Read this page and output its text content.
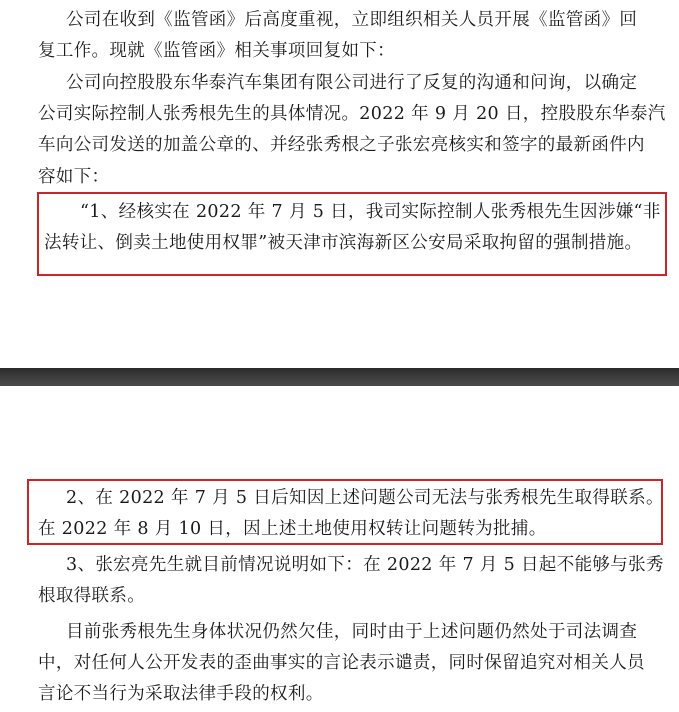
公司在收到《监管函》后高度重视，立即组织相关人员开展《监管函》回
复工作。现就《监管函》相关事项回复如下：
公司向控股股东华泰汽车集团有限公司进行了反复的沟通和问询，以确定
公司实际控制人张秀根先生的具体情况。2022 年 9 月 20 日，控股股东华泰汽
车向公司发送的加盖公章的、并经张秀根之子张宏亮核实和签字的最新函件内
容如下：
“1、经核实在 2022 年 7 月 5 日，我司实际控制人张秀根先生因涉嫌“非
法转让、倒卖土地使用权罪”被天津市滨海新区公安局采取拘留的强制措施。
2、在 2022 年 7 月 5 日后知因上述问题公司无法与张秀根先生取得联系。
在 2022 年 8 月 10 日，因上述土地使用权转让问题转为批捕。
3、张宏亮先生就目前情况说明如下：在 2022 年 7 月 5 日起不能够与张秀
根取得联系。
目前张秀根先生身体状况仍然欠佳，同时由于上述问题仍然处于司法调查
中，对任何人公开发表的歪曲事实的言论表示谴责，同时保留追究对相关人员
言论不当行为采取法律手段的权利。
